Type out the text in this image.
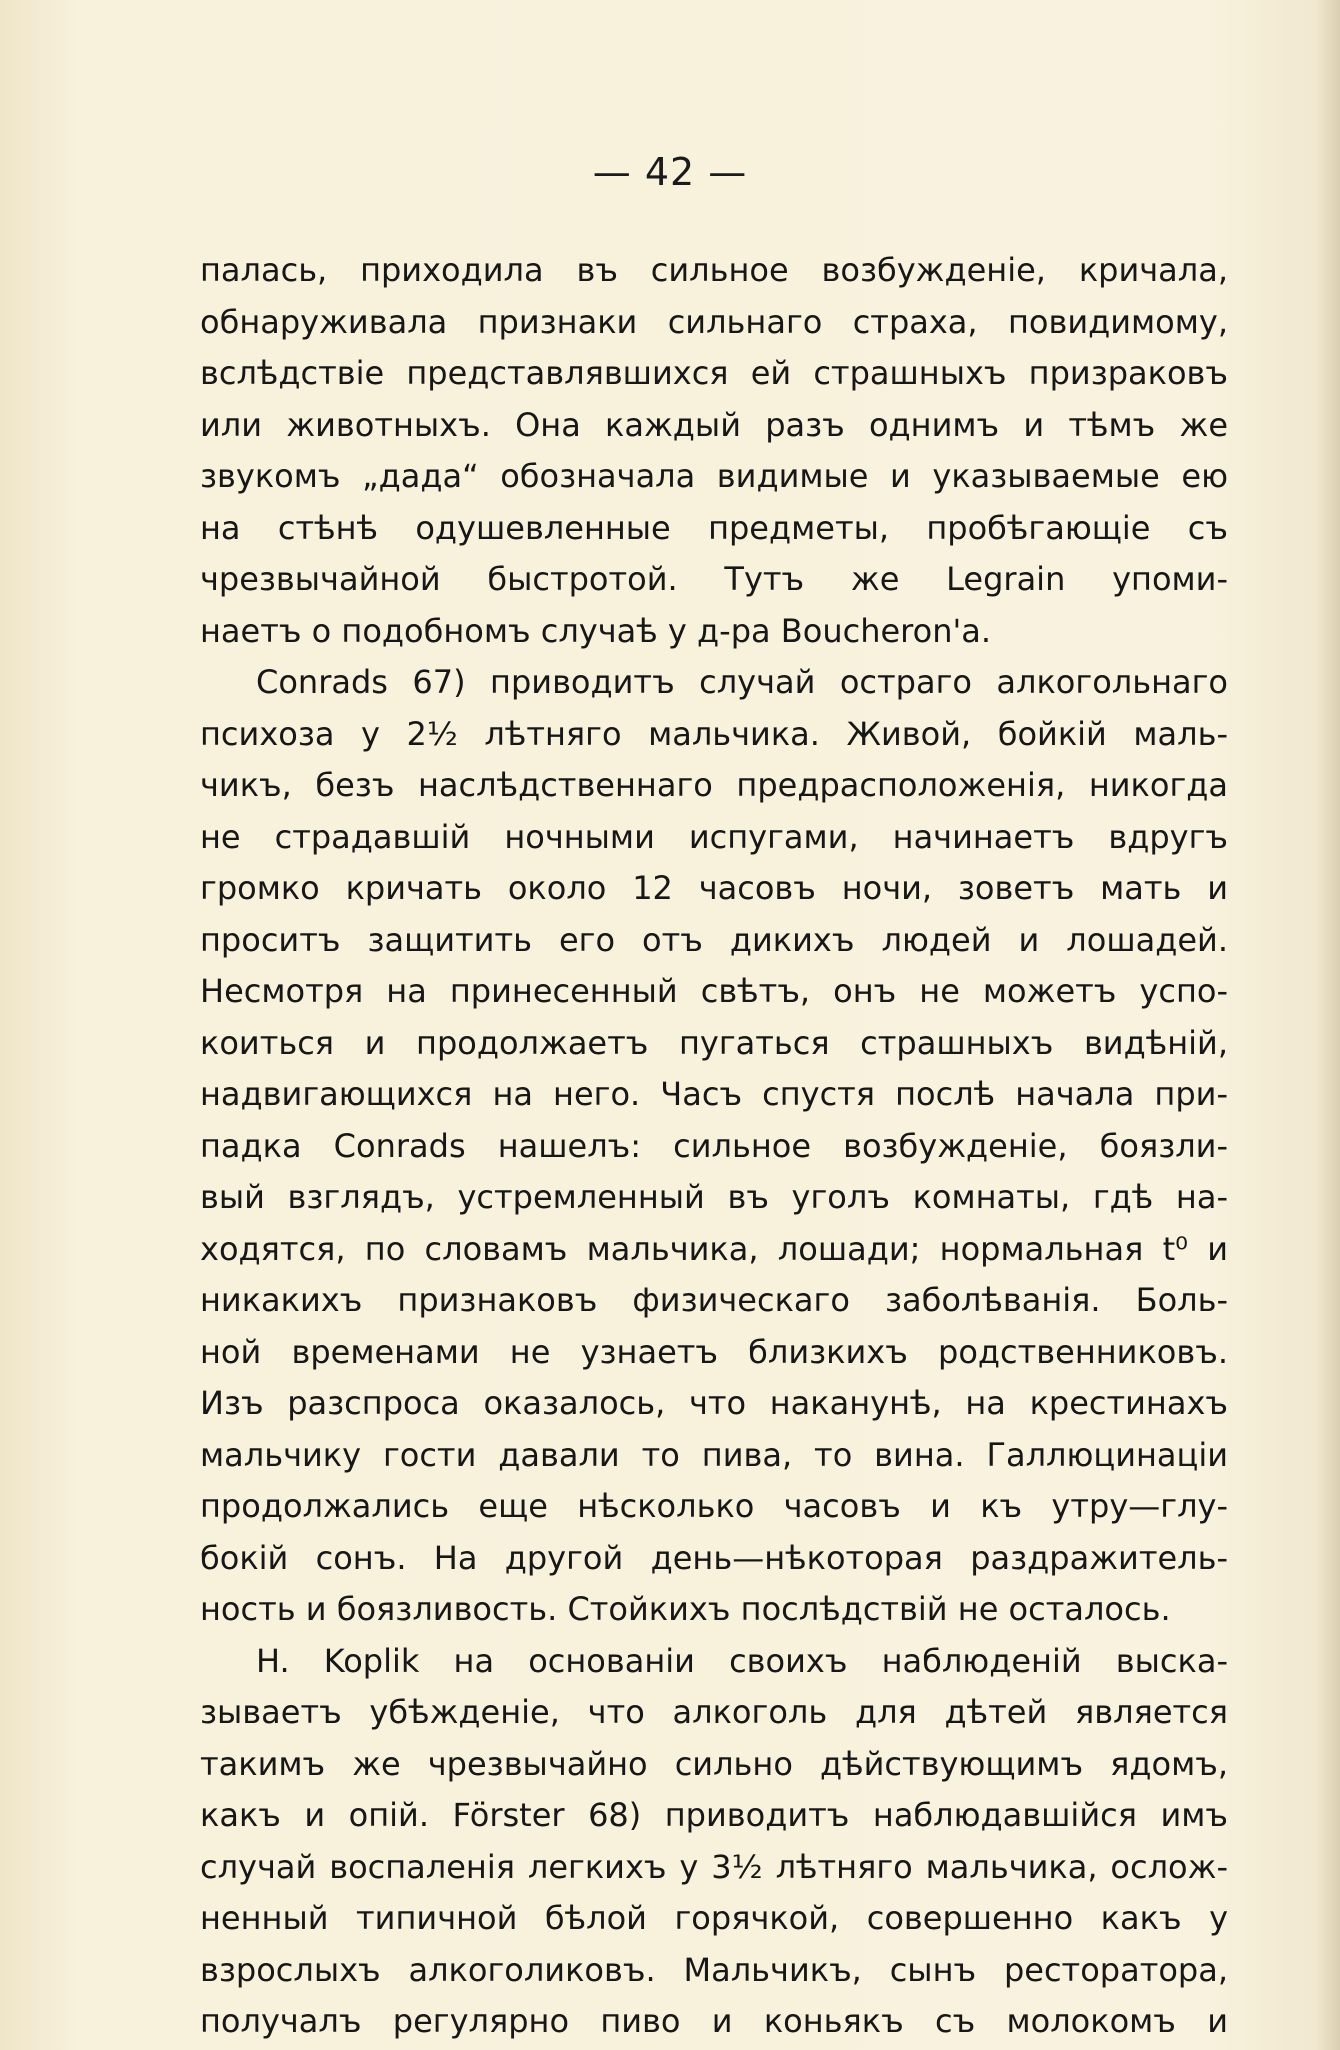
— 42 —
палась, приходила въ сильное возбужденіе, кричала,
обнаруживала признаки сильнаго страха, повидимому,
вслѣдствіе представлявшихся ей страшныхъ призраковъ
или животныхъ. Она каждый разъ однимъ и тѣмъ же
звукомъ „дада“ обозначала видимые и указываемые ею
на стѣнѣ одушевленные предметы, пробѣгающіе съ
чрезвычайной быстротой. Тутъ же Legrain упоми-
наетъ о подобномъ случаѣ у д-ра Boucheron'а.
Conrads 67) приводитъ случай остраго алкогольнаго
психоза у 2½ лѣтняго мальчика. Живой, бойкій маль-
чикъ, безъ наслѣдственнаго предрасположенія, никогда
не страдавшій ночными испугами, начинаетъ вдругъ
громко кричать около 12 часовъ ночи, зоветъ мать и
проситъ защитить его отъ дикихъ людей и лошадей.
Несмотря на принесенный свѣтъ, онъ не можетъ успо-
коиться и продолжаетъ пугаться страшныхъ видѣній,
надвигающихся на него. Часъ спустя послѣ начала при-
падка Conrads нашелъ: сильное возбужденіе, боязли-
вый взглядъ, устремленный въ уголъ комнаты, гдѣ на-
ходятся, по словамъ мальчика, лошади; нормальная t⁰ и
никакихъ признаковъ физическаго заболѣванія. Боль-
ной временами не узнаетъ близкихъ родственниковъ.
Изъ разспроса оказалось, что наканунѣ, на крестинахъ
мальчику гости давали то пива, то вина. Галлюцинаціи
продолжались еще нѣсколько часовъ и къ утру—глу-
бокій сонъ. На другой день—нѣкоторая раздражитель-
ность и боязливость. Стойкихъ послѣдствій не осталось.
H. Koplik на основаніи своихъ наблюденій выска-
зываетъ убѣжденіе, что алкоголь для дѣтей является
такимъ же чрезвычайно сильно дѣйствующимъ ядомъ,
какъ и опій. Förster 68) приводитъ наблюдавшійся имъ
случай воспаленія легкихъ у 3½ лѣтняго мальчика, ослож-
ненный типичной бѣлой горячкой, совершенно какъ у
взрослыхъ алкоголиковъ. Мальчикъ, сынъ ресторатора,
получалъ регулярно пиво и коньякъ съ молокомъ и
